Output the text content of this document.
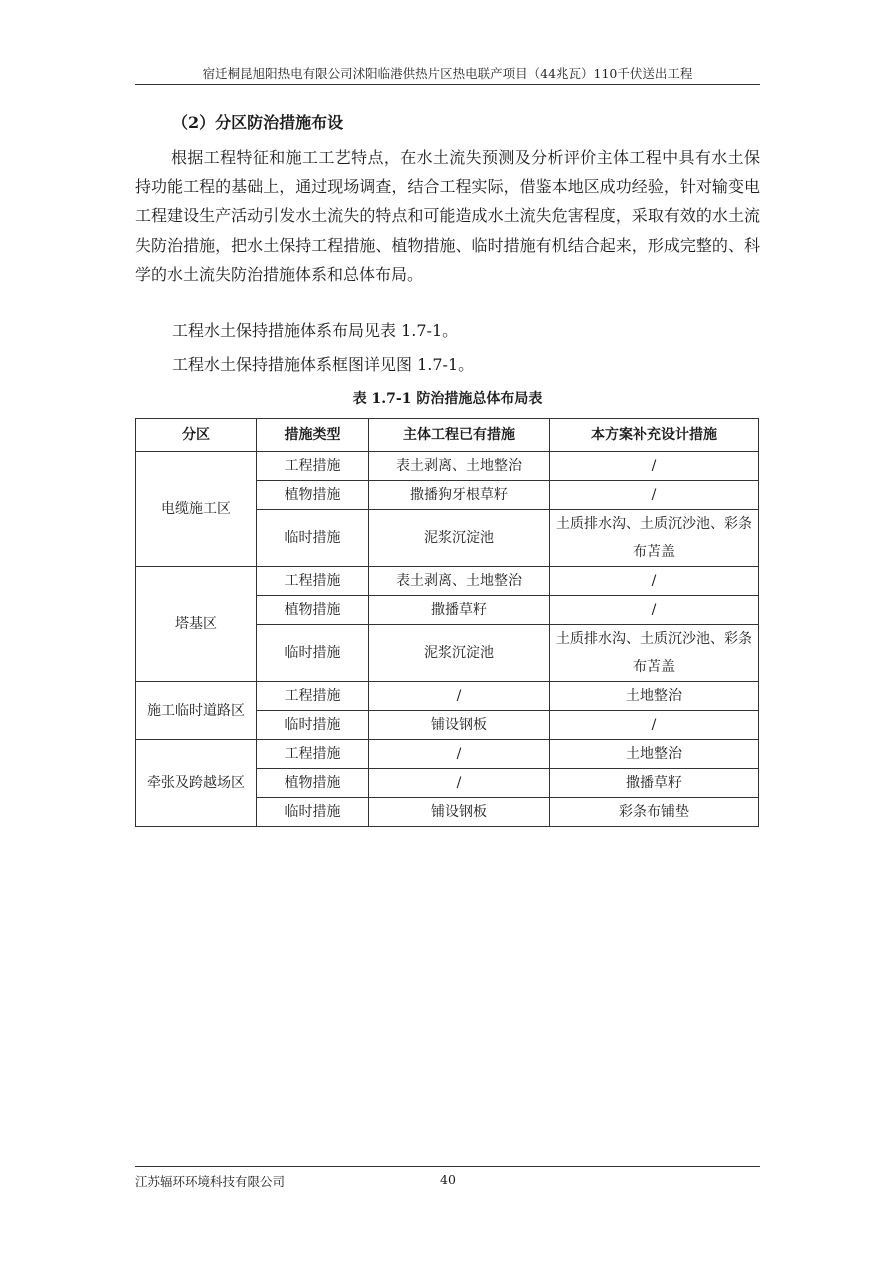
宿迁桐昆旭阳热电有限公司沭阳临港供热片区热电联产项目（44兆瓦）110千伏送出工程
（2）分区防治措施布设

根据工程特征和施工工艺特点，在水土流失预测及分析评价主体工程中具有水土保持功能工程的基础上，通过现场调查，结合工程实际，借鉴本地区成功经验，针对输变电工程建设生产活动引发水土流失的特点和可能造成水土流失危害程度，采取有效的水土流失防治措施，把水土保持工程措施、植物措施、临时措施有机结合起来，形成完整的、科学的水土流失防治措施体系和总体布局。

工程水土保持措施体系布局见表 1.7-1。
工程水土保持措施体系框图详见图 1.7-1。
表 1.7-1 防治措施总体布局表
分区	措施类型	主体工程已有措施	本方案补充设计措施
电缆施工区	工程措施	表土剥离、土地整治	/
	植物措施	撒播狗牙根草籽	/
	临时措施	泥浆沉淀池	土质排水沟、土质沉沙池、彩条布苫盖
塔基区	工程措施	表土剥离、土地整治	/
	植物措施	撒播草籽	/
	临时措施	泥浆沉淀池	土质排水沟、土质沉沙池、彩条布苫盖
施工临时道路区	工程措施	/	土地整治
	临时措施	铺设钢板	/
牵张及跨越场区	工程措施	/	土地整治
	植物措施	/	撒播草籽
	临时措施	铺设钢板	彩条布铺垫
江苏辐环环境科技有限公司	40
